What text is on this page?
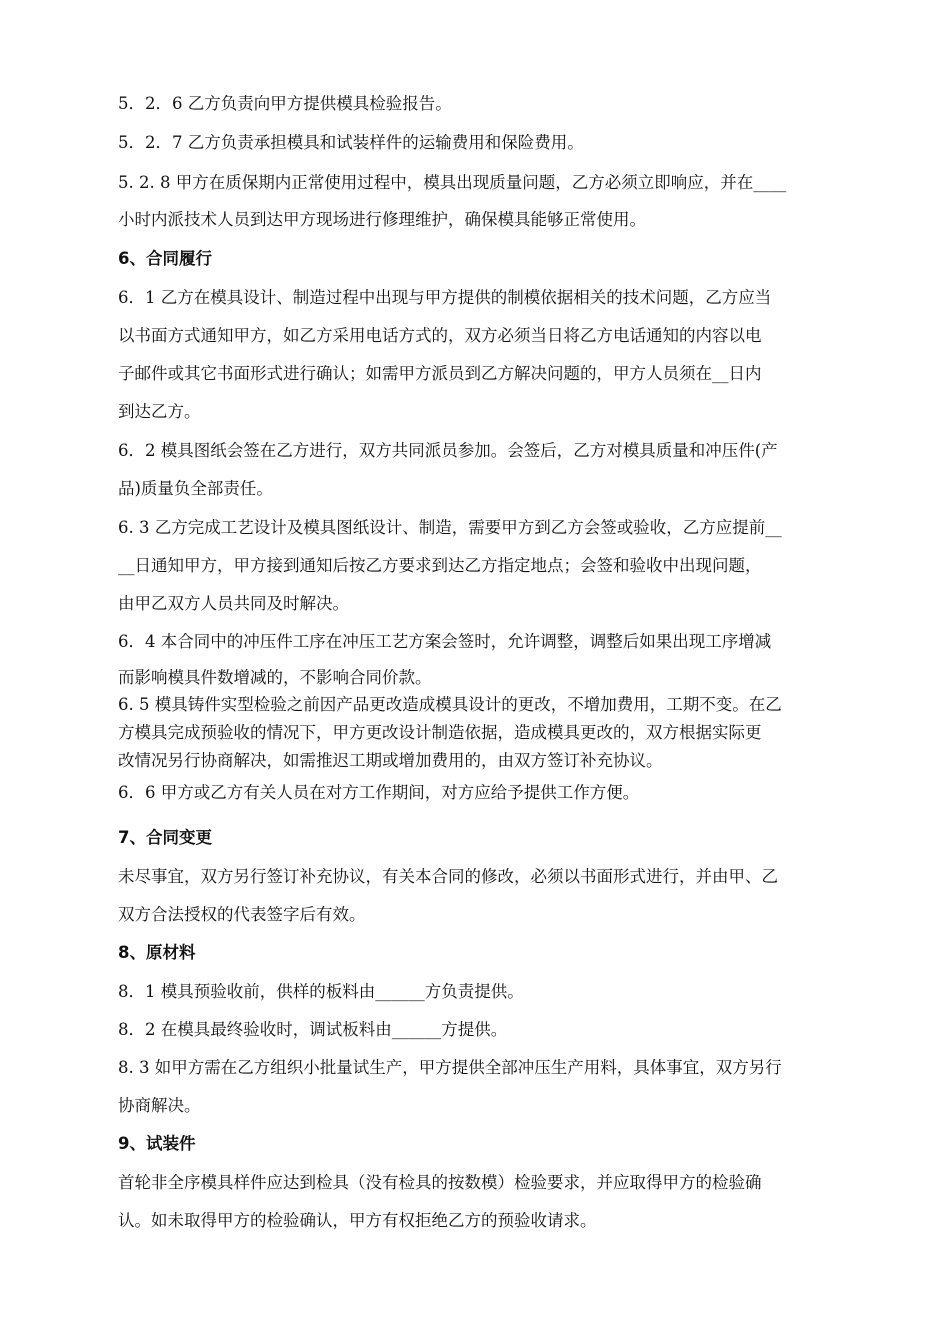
5．2．6 乙方负责向甲方提供模具检验报告。

5．2．7 乙方负责承担模具和试装样件的运输费用和保险费用。

5. 2. 8 甲方在质保期内正常使用过程中，模具出现质量问题，乙方必须立即响应，并在____

小时内派技术人员到达甲方现场进行修理维护，确保模具能够正常使用。

6、合同履行

6．1 乙方在模具设计、制造过程中出现与甲方提供的制模依据相关的技术问题，乙方应当

以书面方式通知甲方，如乙方采用电话方式的，双方必须当日将乙方电话通知的内容以电

子邮件或其它书面形式进行确认；如需甲方派员到乙方解决问题的，甲方人员须在__日内

到达乙方。

6．2 模具图纸会签在乙方进行，双方共同派员参加。会签后，乙方对模具质量和冲压件(产

品)质量负全部责任。

6. 3 乙方完成工艺设计及模具图纸设计、制造，需要甲方到乙方会签或验收，乙方应提前__

__日通知甲方，甲方接到通知后按乙方要求到达乙方指定地点；会签和验收中出现问题，

由甲乙双方人员共同及时解决。

6．4 本合同中的冲压件工序在冲压工艺方案会签时，允许调整，调整后如果出现工序增减

而影响模具件数增减的，不影响合同价款。

6. 5 模具铸件实型检验之前因产品更改造成模具设计的更改，不增加费用，工期不变。在乙

方模具完成预验收的情况下，甲方更改设计制造依据，造成模具更改的，双方根据实际更

改情况另行协商解决，如需推迟工期或增加费用的，由双方签订补充协议。

6．6 甲方或乙方有关人员在对方工作期间，对方应给予提供工作方便。

7、合同变更

未尽事宜，双方另行签订补充协议，有关本合同的修改，必须以书面形式进行，并由甲、乙

双方合法授权的代表签字后有效。

8、原材料

8．1 模具预验收前，供样的板料由______方负责提供。

8．2 在模具最终验收时，调试板料由______方提供。

8. 3 如甲方需在乙方组织小批量试生产，甲方提供全部冲压生产用料，具体事宜，双方另行

协商解决。

9、试装件

首轮非全序模具样件应达到检具（没有检具的按数模）检验要求，并应取得甲方的检验确

认。如未取得甲方的检验确认，甲方有权拒绝乙方的预验收请求。
